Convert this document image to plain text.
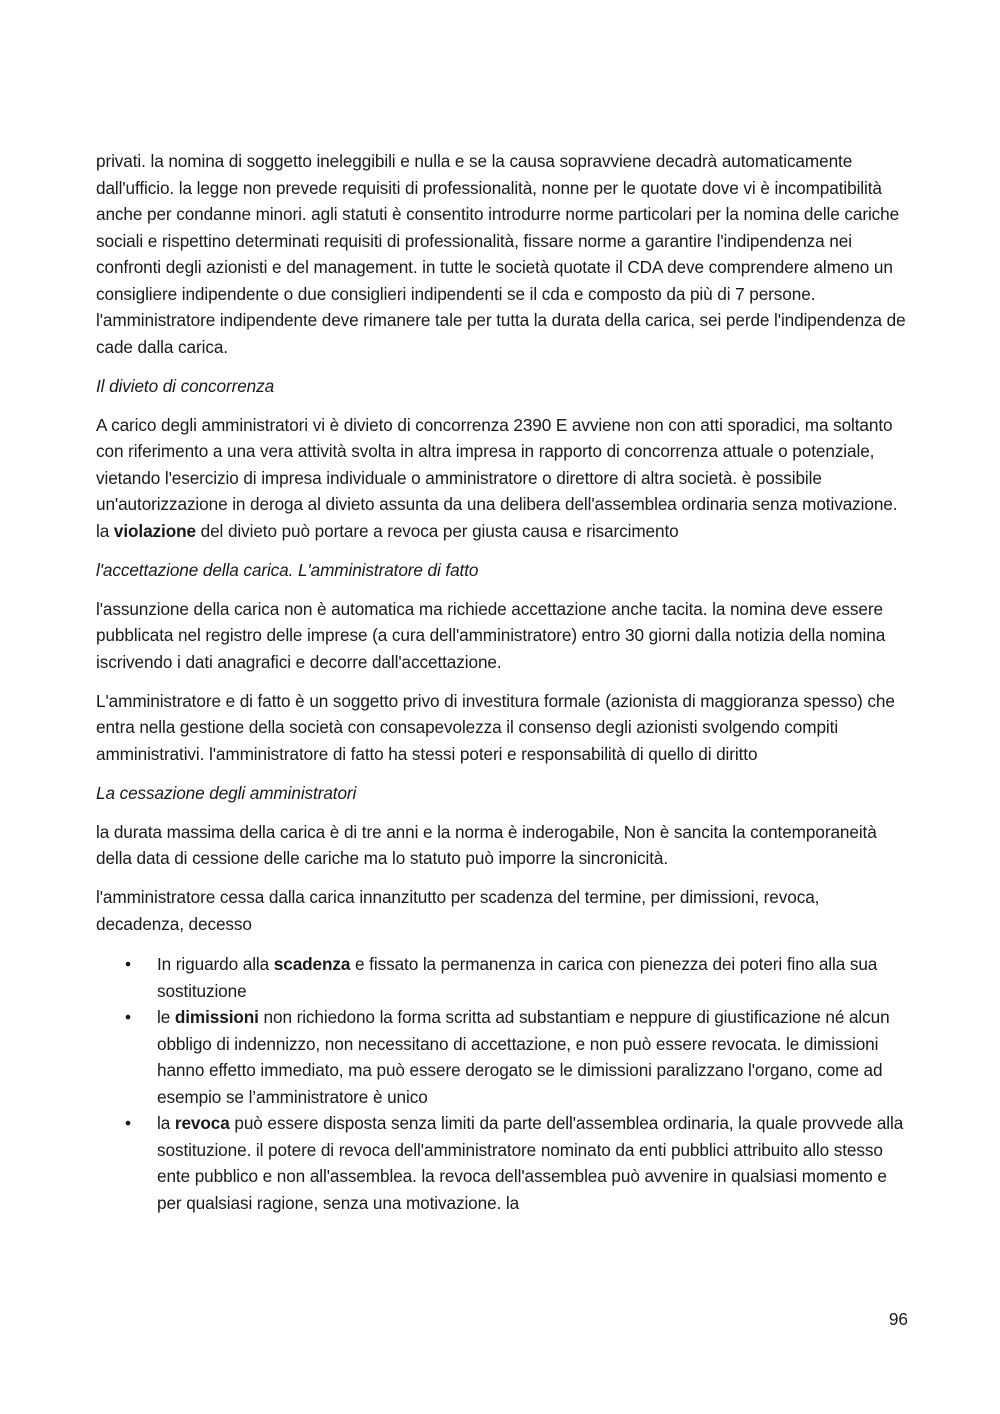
privati. la nomina di soggetto ineleggibili e nulla e se la causa sopravviene decadrà automaticamente dall'ufficio. la legge non prevede requisiti di professionalità, nonne per le quotate dove vi è incompatibilità anche per condanne minori. agli statuti è consentito introdurre norme particolari per la nomina delle cariche sociali e rispettino determinati requisiti di professionalità, fissare norme a garantire l'indipendenza nei confronti degli azionisti e del management. in tutte le società quotate il CDA deve comprendere almeno un consigliere indipendente o due consiglieri indipendenti se il cda e composto da più di 7 persone. l'amministratore indipendente deve rimanere tale per tutta la durata della carica, sei perde l'indipendenza de cade dalla carica.

Il divieto di concorrenza

A carico degli amministratori vi è divieto di concorrenza 2390 E avviene non con atti sporadici, ma soltanto con riferimento a una vera attività svolta in altra impresa in rapporto di concorrenza attuale o potenziale, vietando l'esercizio di impresa individuale o amministratore o direttore di altra società. è possibile un'autorizzazione in deroga al divieto assunta da una delibera dell'assemblea ordinaria senza motivazione. la violazione del divieto può portare a revoca per giusta causa e risarcimento

l'accettazione della carica. L'amministratore di fatto

l'assunzione della carica non è automatica ma richiede accettazione anche tacita. la nomina deve essere pubblicata nel registro delle imprese (a cura dell'amministratore) entro 30 giorni dalla notizia della nomina iscrivendo i dati anagrafici e decorre dall'accettazione.

L'amministratore e di fatto è un soggetto privo di investitura formale (azionista di maggioranza spesso) che entra nella gestione della società con consapevolezza il consenso degli azionisti svolgendo compiti amministrativi. l'amministratore di fatto ha stessi poteri e responsabilità di quello di diritto

La cessazione degli amministratori

la durata massima della carica è di tre anni e la norma è inderogabile, Non è sancita la contemporaneità della data di cessione delle cariche ma lo statuto può imporre la sincronicità.

l'amministratore cessa dalla carica innanzitutto per scadenza del termine, per dimissioni, revoca, decadenza, decesso

• In riguardo alla scadenza e fissato la permanenza in carica con pienezza dei poteri fino alla sua sostituzione
• le dimissioni non richiedono la forma scritta ad substantiam e neppure di giustificazione né alcun obbligo di indennizzo, non necessitano di accettazione, e non può essere revocata. le dimissioni hanno effetto immediato, ma può essere derogato se le dimissioni paralizzano l'organo, come ad esempio se l’amministratore è unico
• la revoca può essere disposta senza limiti da parte dell'assemblea ordinaria, la quale provvede alla sostituzione. il potere di revoca dell'amministratore nominato da enti pubblici attribuito allo stesso ente pubblico e non all'assemblea. la revoca dell'assemblea può avvenire in qualsiasi momento e per qualsiasi ragione, senza una motivazione. la
96
